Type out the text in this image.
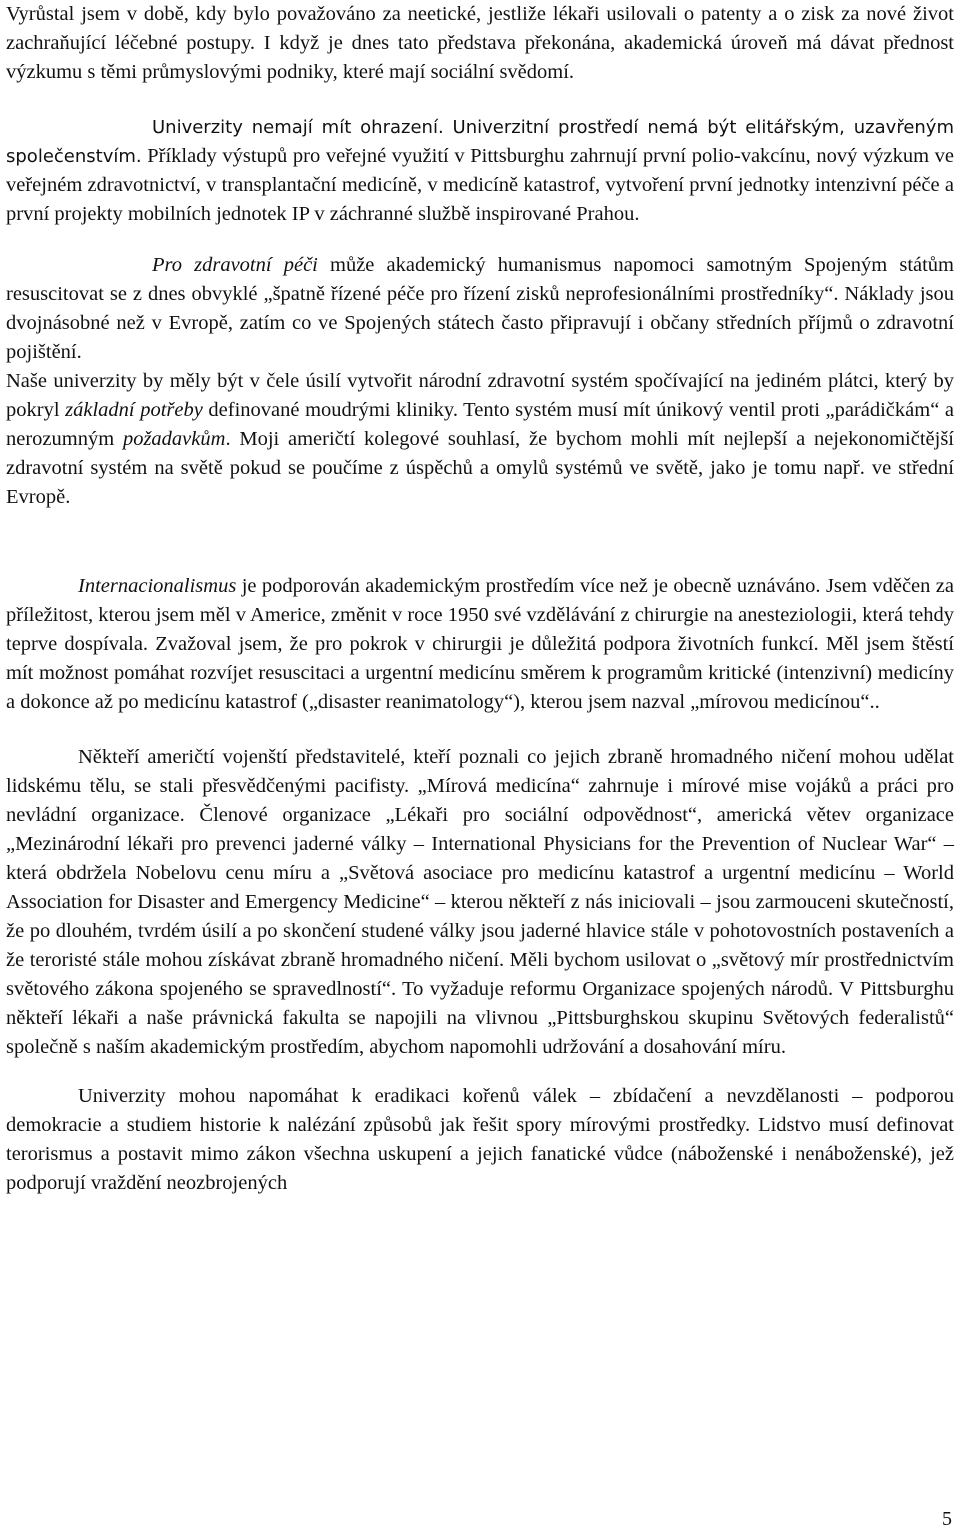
Vyrůstal jsem v době, kdy bylo považováno za neetické, jestliže lékaři usilovali o patenty a o zisk za nové život zachraňující léčebné postupy. I když je dnes tato představa překonána, akademická úroveň má dávat přednost výzkumu s těmi průmyslovými podniky, které mají sociální svědomí.

Univerzity nemají mít ohrazení. Univerzitní prostředí nemá být elitářským, uzavřeným společenstvím. Příklady výstupů pro veřejné využití v Pittsburghu zahrnují první polio-vakcínu, nový výzkum ve veřejném zdravotnictví, v transplantační medicíně, v medicíně katastrof, vytvoření první jednotky intenzivní péče a první projekty mobilních jednotek IP v záchranné službě inspirované Prahou.

Pro zdravotní péči může akademický humanismus napomoci samotným Spojeným státům resuscitovat se z dnes obvyklé „špatně řízené péče pro řízení zisků neprofesionálními prostředníky“. Náklady jsou dvojnásobné než v Evropě, zatím co ve Spojených státech často připravují i občany středních příjmů o zdravotní pojištění.

Naše univerzity by měly být v čele úsilí vytvořit národní zdravotní systém spočívající na jediném plátci, který by pokryl základní potřeby definované moudrými kliniky. Tento systém musí mít únikový ventil proti „parádičkám“ a nerozumným požadavkům. Moji američtí kolegové souhlasí, že bychom mohli mít nejlepší a nejekonomičtější zdravotní systém na světě pokud se poučíme z úspěchů a omylů systémů ve světě, jako je tomu např. ve střední Evropě.

Internacionalismus je podporován akademickým prostředím více než je obecně uznáváno. Jsem vděčen za příležitost, kterou jsem měl v Americe, změnit v roce 1950 své vzdělávání z chirurgie na anesteziologii, která tehdy teprve dospívala. Zvažoval jsem, že pro pokrok v chirurgii je důležitá podpora životních funkcí. Měl jsem štěstí mít možnost pomáhat rozvíjet resuscitaci a urgentní medicínu směrem k programům kritické (intenzivní) medicíny a dokonce až po medicínu katastrof („disaster reanimatology“), kterou jsem nazval „mírovou medicínou“..

Někteří američtí vojenští představitelé, kteří poznali co jejich zbraně hromadného ničení mohou udělat lidskému tělu, se stali přesvědčenými pacifisty. „Mírová medicína“ zahrnuje i mírové mise vojáků a práci pro nevládní organizace. Členové organizace „Lékaři pro sociální odpovědnost“, americká větev organizace „Mezinárodní lékaři pro prevenci jaderné války – International Physicians for the Prevention of Nuclear War“ – která obdržela Nobelovu cenu míru a „Světová asociace pro medicínu katastrof a urgentní medicínu – World Association for Disaster and Emergency Medicine“ – kterou někteří z nás iniciovali – jsou zarmouceni skutečností, že po dlouhém, tvrdém úsilí a po skončení studené války jsou jaderné hlavice stále v pohotovostních postaveních a že teroristé stále mohou získávat zbraně hromadného ničení. Měli bychom usilovat o „světový mír prostřednictvím světového zákona spojeného se spravedlností“. To vyžaduje reformu Organizace spojených národů. V Pittsburghu někteří lékaři a naše právnická fakulta se napojili na vlivnou „Pittsburghskou skupinu Světových federalistů“ společně s naším akademickým prostředím, abychom napomohli udržování a dosahování míru.

Univerzity mohou napomáhat k eradikaci kořenů válek – zbídačení a nevzdělanosti – podporou demokracie a studiem historie k nalézání způsobů jak řešit spory mírovými prostředky. Lidstvo musí definovat terorismus a postavit mimo zákon všechna uskupení a jejich fanatické vůdce (náboženské i nenáboženské), jež podporují vraždění neozbrojených

5
